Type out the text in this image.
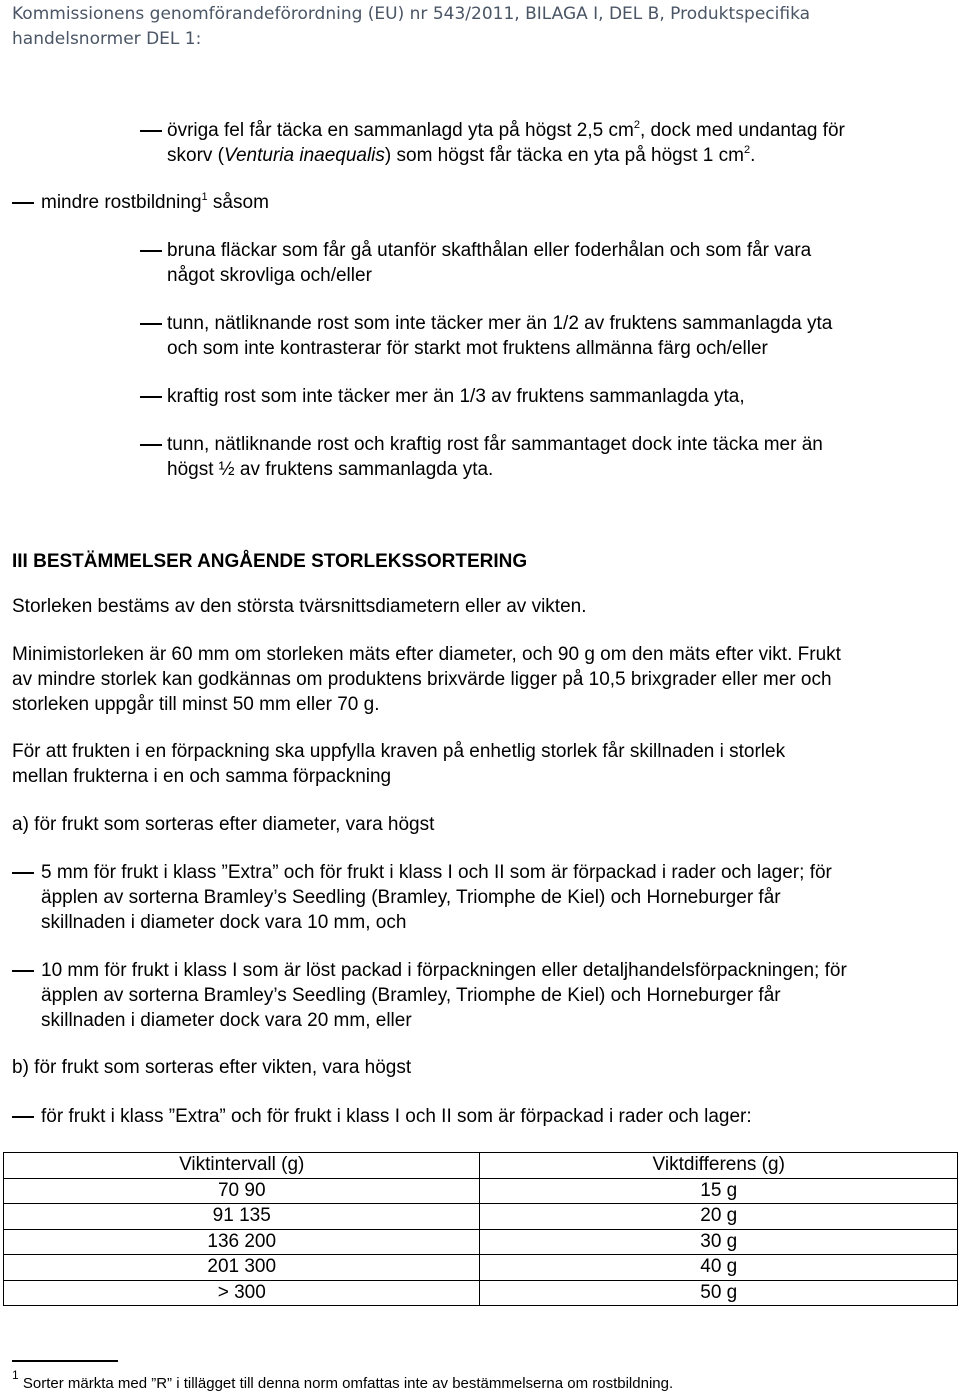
Kommissionens genomförandeförordning (EU) nr 543/2011, BILAGA I, DEL B, Produktspecifika
handelsnormer DEL 1:
övriga fel får täcka en sammanlagd yta på högst 2,5 $cm^2$, dock med undantag för
skorv (Venturia inaequalis) som högst får täcka en yta på högst 1 $cm^2$.
mindre rostbildning$^1$ såsom
bruna fläckar som får gå utanför skafthålan eller foderhålan och som får vara
något skrovliga och/eller
tunn, nätliknande rost som inte täcker mer än 1/2 av fruktens sammanlagda yta
och som inte kontrasterar för starkt mot fruktens allmänna färg och/eller
kraftig rost som inte täcker mer än 1/3 av fruktens sammanlagda yta,
tunn, nätliknande rost och kraftig rost får sammantaget dock inte täcka mer än
högst ½ av fruktens sammanlagda yta.
III BESTÄMMELSER ANGÅENDE STORLEKSSORTERING
Storleken bestäms av den största tvärsnittsdiametern eller av vikten.
Minimistorleken är 60 mm om storleken mäts efter diameter, och 90 g om den mäts efter vikt. Frukt
av mindre storlek kan godkännas om produktens brixvärde ligger på 10,5 brixgrader eller mer och
storleken uppgår till minst 50 mm eller 70 g.
För att frukten i en förpackning ska uppfylla kraven på enhetlig storlek får skillnaden i storlek
mellan frukterna i en och samma förpackning
a) för frukt som sorteras efter diameter, vara högst
5 mm för frukt i klass ”Extra” och för frukt i klass I och II som är förpackad i rader och lager; för
äpplen av sorterna Bramley’s Seedling (Bramley, Triomphe de Kiel) och Horneburger får
skillnaden i diameter dock vara 10 mm, och
10 mm för frukt i klass I som är löst packad i förpackningen eller detaljhandelsförpackningen; för
äpplen av sorterna Bramley’s Seedling (Bramley, Triomphe de Kiel) och Horneburger får
skillnaden i diameter dock vara 20 mm, eller
b) för frukt som sorteras efter vikten, vara högst
för frukt i klass ”Extra” och för frukt i klass I och II som är förpackad i rader och lager:
Viktintervall (g)	Viktdifferens (g)
70 90	15 g
91 135	20 g
136 200	30 g
201 300	40 g
> 300	50 g
$^1$ Sorter märkta med ”R” i tillägget till denna norm omfattas inte av bestämmelserna om rostbildning.
